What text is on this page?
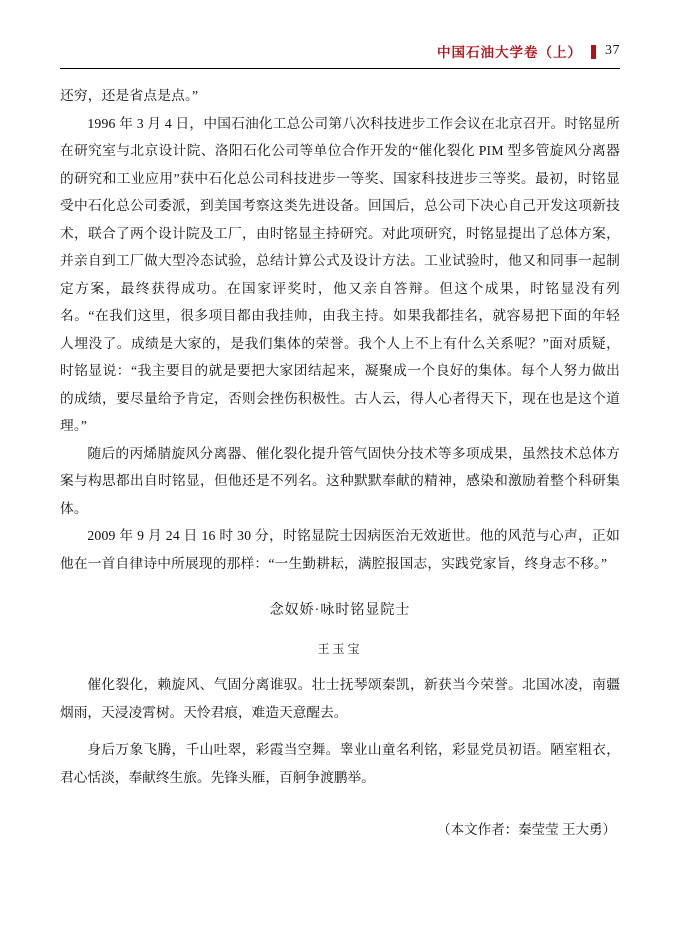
中国石油大学卷（上） 37

还穷，还是省点是点。”

1996 年 3 月 4 日，中国石油化工总公司第八次科技进步工作会议在北京召开。时铭显所在研究室与北京设计院、洛阳石化公司等单位合作开发的“催化裂化 PIM 型多管旋风分离器的研究和工业应用”获中石化总公司科技进步一等奖、国家科技进步三等奖。最初，时铭显受中石化总公司委派，到美国考察这类先进设备。回国后，总公司下决心自己开发这项新技术，联合了两个设计院及工厂，由时铭显主持研究。对此项研究，时铭显提出了总体方案，并亲自到工厂做大型冷态试验，总结计算公式及设计方法。工业试验时，他又和同事一起制定方案，最终获得成功。在国家评奖时，他又亲自答辩。但这个成果，时铭显没有列名。“在我们这里，很多项目都由我挂帅，由我主持。如果我都挂名，就容易把下面的年轻人埋没了。成绩是大家的，是我们集体的荣誉。我个人上不上有什么关系呢？”面对质疑，时铭显说：“我主要目的就是要把大家团结起来，凝聚成一个良好的集体。每个人努力做出的成绩，要尽量给予肯定，否则会挫伤积极性。古人云，得人心者得天下，现在也是这个道理。”

随后的丙烯腈旋风分离器、催化裂化提升管气固快分技术等多项成果，虽然技术总体方案与构思都出自时铭显，但他还是不列名。这种默默奉献的精神，感染和激励着整个科研集体。

2009 年 9 月 24 日 16 时 30 分，时铭显院士因病医治无效逝世。他的风范与心声，正如他在一首自律诗中所展现的那样：“一生勤耕耘，满腔报国志，实践党家旨，终身志不移。”

念奴娇·咏时铭显院士
王玉宝
催化裂化，赖旋风、气固分离谁驭。壮士抚琴颂秦凯，新获当今荣誉。北国冰凌，南疆烟雨，天浸凌霄树。天怜君痕，难造天意醒去。
身后万象飞腾，千山吐翠，彩霞当空舞。睾业山童名利铭，彩显党员初语。陋室粗衣，君心恬淡，奉献终生旅。先锋头雁，百舸争渡鹏举。
（本文作者：秦莹莹 王大勇）
